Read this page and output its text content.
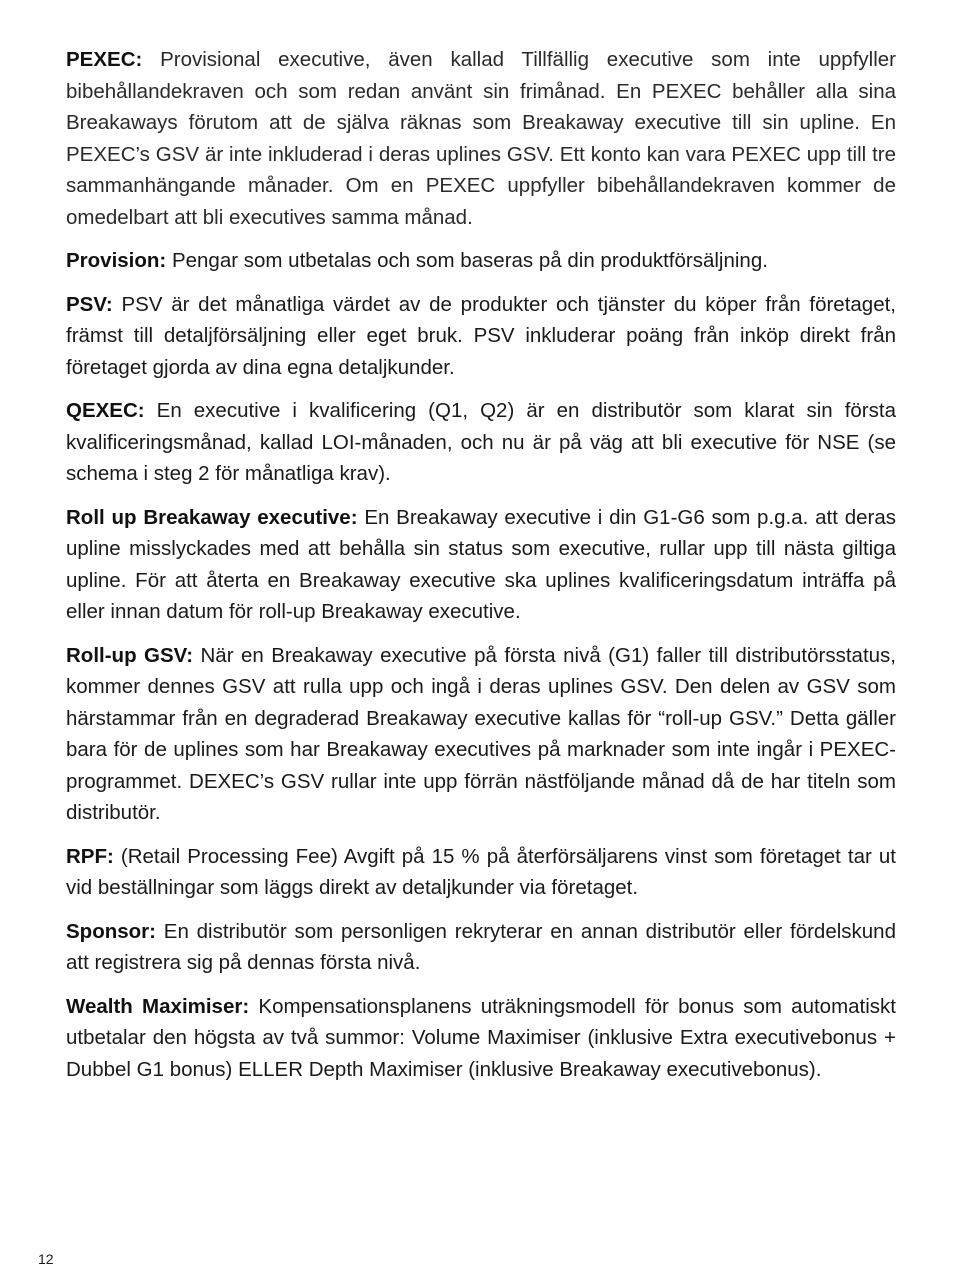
PEXEC: Provisional executive, även kallad Tillfällig executive som inte uppfyller bibehållandekraven och som redan använt sin frimånad. En PEXEC behåller alla sina Breakaways förutom att de själva räknas som Breakaway executive till sin upline. En PEXEC’s GSV är inte inkluderad i deras uplines GSV. Ett konto kan vara PEXEC upp till tre sammanhängande månader. Om en PEXEC uppfyller bibehållandekraven kommer de omedelbart att bli executives samma månad.

Provision: Pengar som utbetalas och som baseras på din produktförsäljning.

PSV: PSV är det månatliga värdet av de produkter och tjänster du köper från företaget, främst till detaljförsäljning eller eget bruk. PSV inkluderar poäng från inköp direkt från företaget gjorda av dina egna detaljkunder.

QEXEC: En executive i kvalificering (Q1, Q2) är en distributör som klarat sin första kvalificeringsmånad, kallad LOI-månaden, och nu är på väg att bli executive för NSE (se schema i steg 2 för månatliga krav).

Roll up Breakaway executive: En Breakaway executive i din G1-G6 som p.g.a. att deras upline misslyckades med att behålla sin status som executive, rullar upp till nästa giltiga upline. För att återta en Breakaway executive ska uplines kvalificeringsdatum inträffa på eller innan datum för roll-up Breakaway executive.

Roll-up GSV: När en Breakaway executive på första nivå (G1) faller till distributörsstatus, kommer dennes GSV att rulla upp och ingå i deras uplines GSV. Den delen av GSV som härstammar från en degraderad Breakaway executive kallas för “roll-up GSV.” Detta gäller bara för de uplines som har Breakaway executives på marknader som inte ingår i PEXEC-programmet. DEXEC’s GSV rullar inte upp förrän nästföljande månad då de har titeln som distributör.

RPF: (Retail Processing Fee) Avgift på 15 % på återförsäljarens vinst som företaget tar ut vid beställningar som läggs direkt av detaljkunder via företaget.

Sponsor: En distributör som personligen rekryterar en annan distributör eller fördelskund att registrera sig på dennas första nivå.

Wealth Maximiser: Kompensationsplanens uträkningsmodell för bonus som automatiskt utbetalar den högsta av två summor: Volume Maximiser (inklusive Extra executivebonus + Dubbel G1 bonus) ELLER Depth Maximiser (inklusive Breakaway executivebonus).

12
